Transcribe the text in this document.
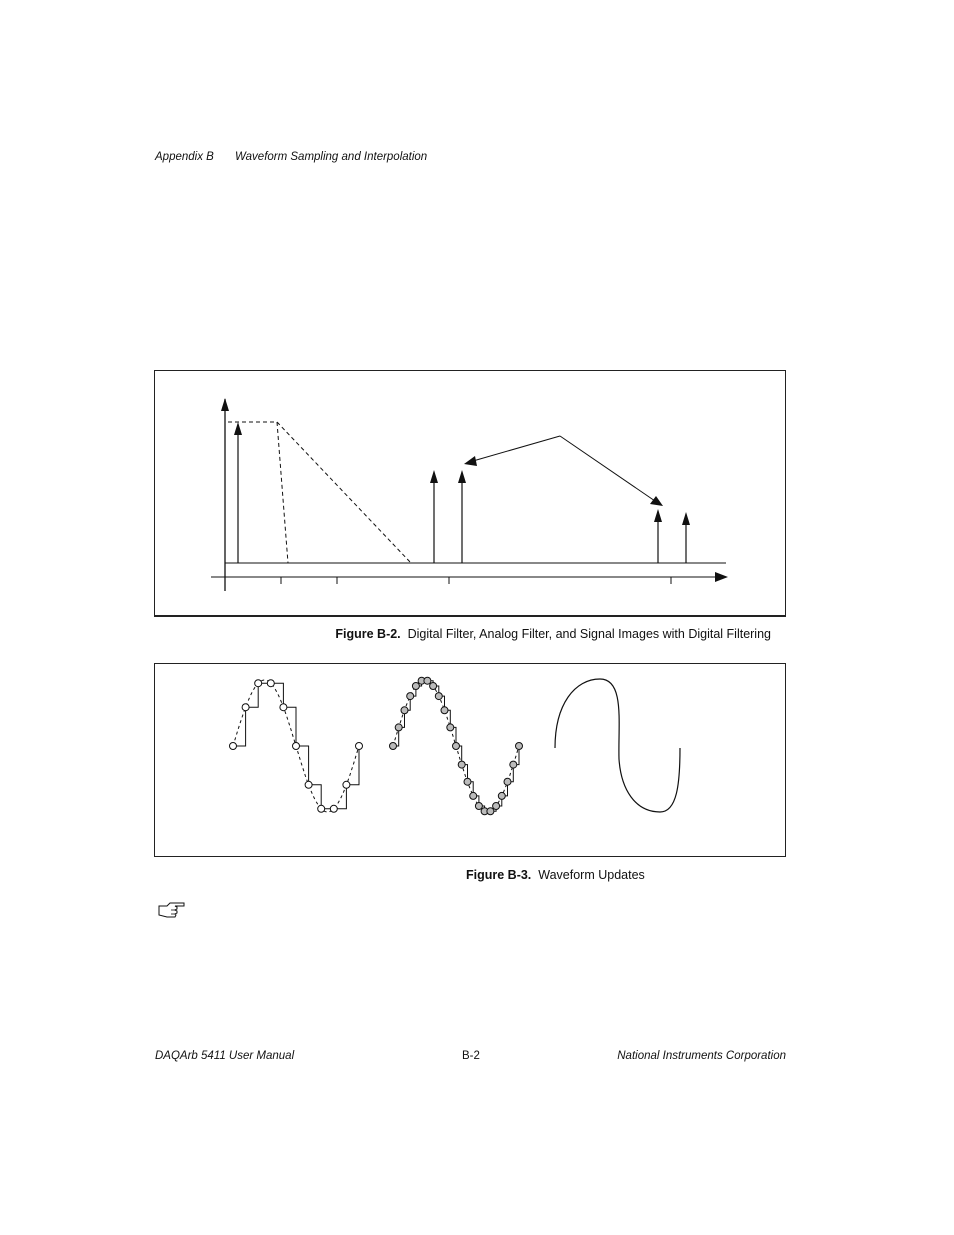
Appendix B Waveform Sampling and Interpolation
Figure B-2. Digital Filter, Analog Filter, and Signal Images with Digital Filtering
Figure B-3. Waveform Updates
DAQArb 5411 User Manual	B-2	National Instruments Corporation
